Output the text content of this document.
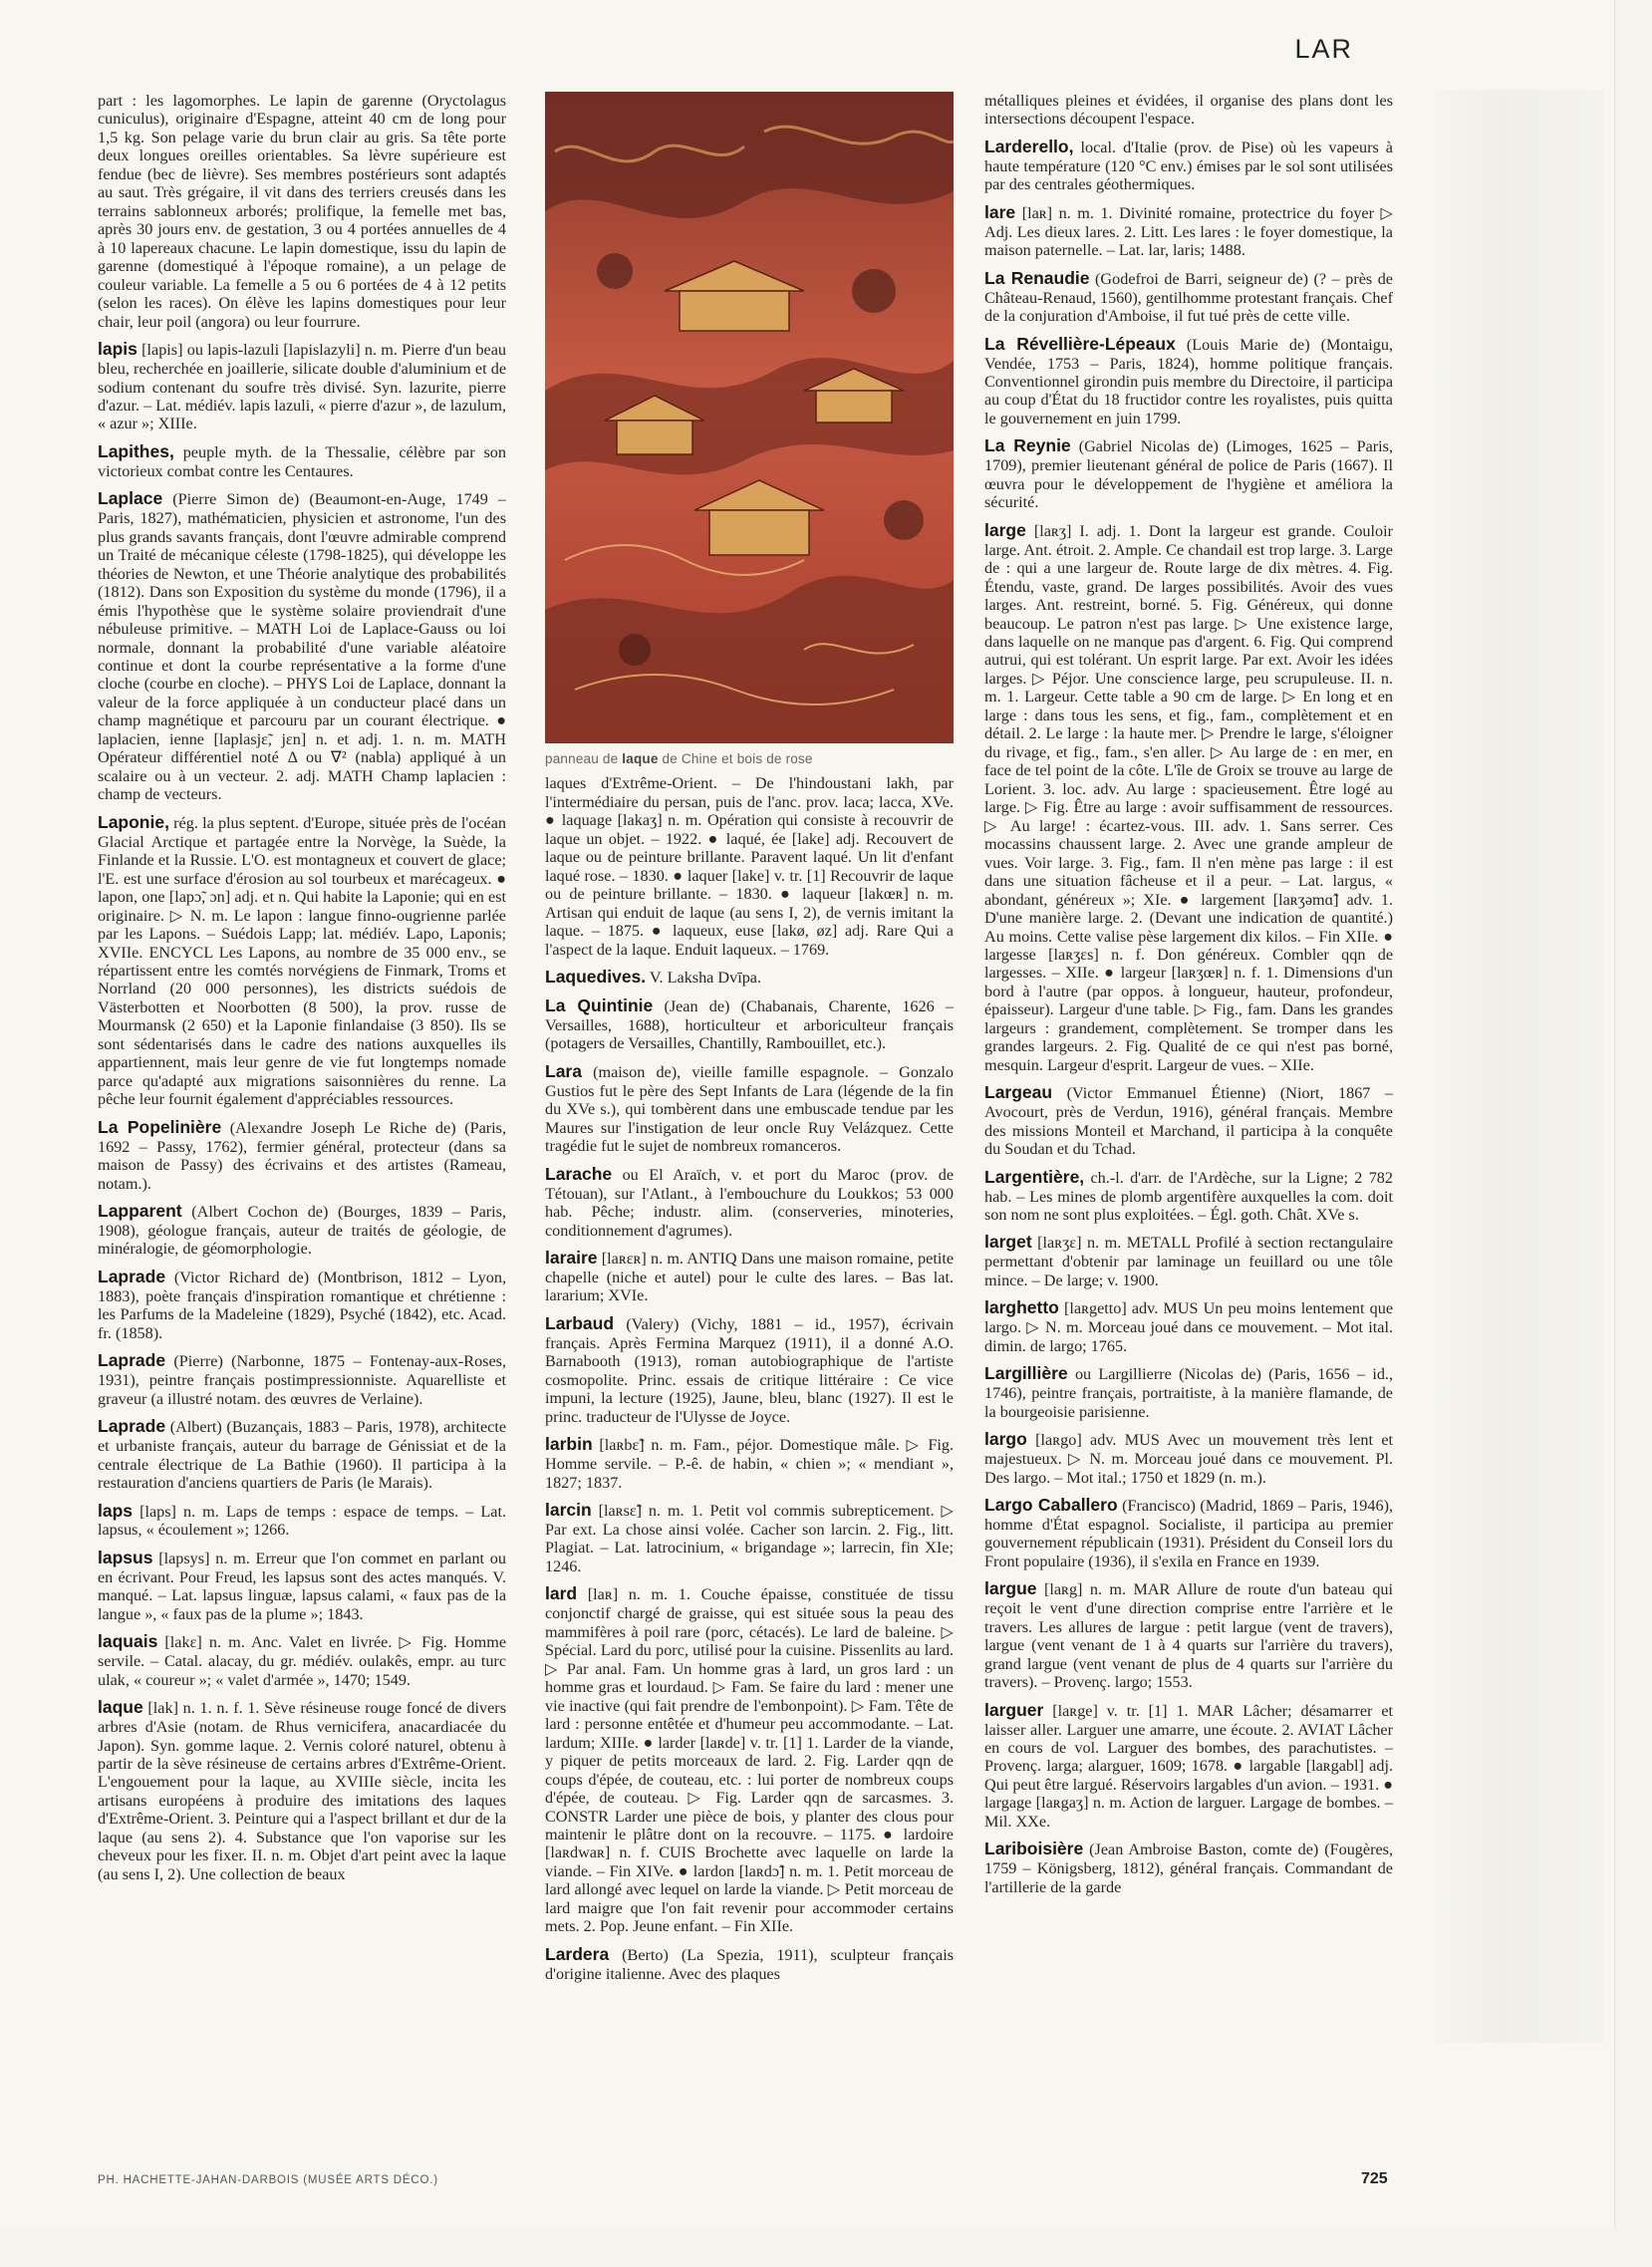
LAR

part : les lagomorphes. Le lapin de garenne (Oryctolagus cuniculus), originaire d'Espagne, atteint 40 cm de long pour 1,5 kg. Son pelage varie du brun clair au gris. Sa tête porte deux longues oreilles orientables. Sa lèvre supérieure est fendue (bec de lièvre). Ses membres postérieurs sont adaptés au saut. Très grégaire, il vit dans des terriers creusés dans les terrains sablonneux arborés; prolifique, la femelle met bas, après 30 jours env. de gestation, 3 ou 4 portées annuelles de 4 à 10 lapereaux chacune. Le lapin domestique, issu du lapin de garenne (domestiqué à l'époque romaine), a un pelage de couleur variable. La femelle a 5 ou 6 portées de 4 à 12 petits (selon les races). On élève les lapins domestiques pour leur chair, leur poil (angora) ou leur fourrure.

lapis [lapis] ou lapis-lazuli [lapislazyli] n. m. Pierre d'un beau bleu, recherchée en joaillerie, silicate double d'aluminium et de sodium contenant du soufre très divisé. Syn. lazurite, pierre d'azur. – Lat. médiév. lapis lazuli, « pierre d'azur », de lazulum, « azur »; XIIIe.

Lapithes, peuple myth. de la Thessalie, célèbre par son victorieux combat contre les Centaures.

Laplace (Pierre Simon de) (Beaumont-en-Auge, 1749 – Paris, 1827), mathématicien, physicien et astronome, l'un des plus grands savants français, dont l'œuvre admirable comprend un Traité de mécanique céleste (1798-1825), qui développe les théories de Newton, et une Théorie analytique des probabilités (1812). Dans son Exposition du système du monde (1796), il a émis l'hypothèse que le système solaire proviendrait d'une nébuleuse primitive. – MATH Loi de Laplace-Gauss ou loi normale, donnant la probabilité d'une variable aléatoire continue et dont la courbe représentative a la forme d'une cloche (courbe en cloche). – PHYS Loi de Laplace, donnant la valeur de la force appliquée à un conducteur placé dans un champ magnétique et parcouru par un courant électrique. ● laplacien, ienne [laplasjɛ̃, jɛn] n. et adj. 1. n. m. MATH Opérateur différentiel noté Δ ou ∇² (nabla) appliqué à un scalaire ou à un vecteur. 2. adj. MATH Champ laplacien : champ de vecteurs.

Laponie, rég. la plus septent. d'Europe, située près de l'océan Glacial Arctique et partagée entre la Norvège, la Suède, la Finlande et la Russie. L'O. est montagneux et couvert de glace; l'E. est une surface d'érosion au sol tourbeux et marécageux. ● lapon, one [lapɔ̃, ɔn] adj. et n. Qui habite la Laponie; qui en est originaire. ▷ N. m. Le lapon : langue finno-ougrienne parlée par les Lapons. – Suédois Lapp; lat. médiév. Lapo, Laponis; XVIIe. ENCYCL Les Lapons, au nombre de 35 000 env., se répartissent entre les comtés norvégiens de Finmark, Troms et Norrland (20 000 personnes), les districts suédois de Västerbotten et Noorbotten (8 500), la prov. russe de Mourmansk (2 650) et la Laponie finlandaise (3 850). Ils se sont sédentarisés dans le cadre des nations auxquelles ils appartiennent, mais leur genre de vie fut longtemps nomade parce qu'adapté aux migrations saisonnières du renne. La pêche leur fournit également d'appréciables ressources.

La Popelinière (Alexandre Joseph Le Riche de) (Paris, 1692 – Passy, 1762), fermier général, protecteur (dans sa maison de Passy) des écrivains et des artistes (Rameau, notam.).

Lapparent (Albert Cochon de) (Bourges, 1839 – Paris, 1908), géologue français, auteur de traités de géologie, de minéralogie, de géomorphologie.

Laprade (Victor Richard de) (Montbrison, 1812 – Lyon, 1883), poète français d'inspiration romantique et chrétienne : les Parfums de la Madeleine (1829), Psyché (1842), etc. Acad. fr. (1858).

Laprade (Pierre) (Narbonne, 1875 – Fontenay-aux-Roses, 1931), peintre français postimpressionniste. Aquarelliste et graveur (a illustré notam. des œuvres de Verlaine).

Laprade (Albert) (Buzançais, 1883 – Paris, 1978), architecte et urbaniste français, auteur du barrage de Génissiat et de la centrale électrique de La Bathie (1960). Il participa à la restauration d'anciens quartiers de Paris (le Marais).

laps [laps] n. m. Laps de temps : espace de temps. – Lat. lapsus, « écoulement »; 1266.

lapsus [lapsys] n. m. Erreur que l'on commet en parlant ou en écrivant. Pour Freud, les lapsus sont des actes manqués. V. manqué. – Lat. lapsus linguæ, lapsus calami, « faux pas de la langue », « faux pas de la plume »; 1843.

laquais [lakɛ] n. m. Anc. Valet en livrée. ▷ Fig. Homme servile. – Catal. alacay, du gr. médiév. oulakês, empr. au turc ulak, « coureur »; « valet d'armée », 1470; 1549.

laque [lak] n. 1. n. f. 1. Sève résineuse rouge foncé de divers arbres d'Asie (notam. de Rhus vernicifera, anacardiacée du Japon). Syn. gomme laque. 2. Vernis coloré naturel, obtenu à partir de la sève résineuse de certains arbres d'Extrême-Orient. L'engouement pour la laque, au XVIIIe siècle, incita les artisans européens à produire des imitations des laques d'Extrême-Orient. 3. Peinture qui a l'aspect brillant et dur de la laque (au sens 2). 4. Substance que l'on vaporise sur les cheveux pour les fixer. II. n. m. Objet d'art peint avec la laque (au sens I, 2). Une collection de beaux

panneau de laque de Chine et bois de rose

laques d'Extrême-Orient. – De l'hindoustani lakh, par l'intermédiaire du persan, puis de l'anc. prov. laca; lacca, XVe. ● laquage [lakaʒ] n. m. Opération qui consiste à recouvrir de laque un objet. – 1922. ● laqué, ée [lake] adj. Recouvert de laque ou de peinture brillante. Paravent laqué. Un lit d'enfant laqué rose. – 1830. ● laquer [lake] v. tr. [1] Recouvrir de laque ou de peinture brillante. – 1830. ● laqueur [lakœʀ] n. m. Artisan qui enduit de laque (au sens I, 2), de vernis imitant la laque. – 1875. ● laqueux, euse [lakø, øz] adj. Rare Qui a l'aspect de la laque. Enduit laqueux. – 1769.

Laquedives. V. Laksha Dvīpa.

La Quintinie (Jean de) (Chabanais, Charente, 1626 – Versailles, 1688), horticulteur et arboriculteur français (potagers de Versailles, Chantilly, Rambouillet, etc.).

Lara (maison de), vieille famille espagnole. – Gonzalo Gustios fut le père des Sept Infants de Lara (légende de la fin du XVe s.), qui tombèrent dans une embuscade tendue par les Maures sur l'instigation de leur oncle Ruy Velázquez. Cette tragédie fut le sujet de nombreux romanceros.

Larache ou El Araïch, v. et port du Maroc (prov. de Tétouan), sur l'Atlant., à l'embouchure du Loukkos; 53 000 hab. Pêche; industr. alim. (conserveries, minoteries, conditionnement d'agrumes).

laraire [laʀɛʀ] n. m. ANTIQ Dans une maison romaine, petite chapelle (niche et autel) pour le culte des lares. – Bas lat. lararium; XVIe.

Larbaud (Valery) (Vichy, 1881 – id., 1957), écrivain français. Après Fermina Marquez (1911), il a donné A.O. Barnabooth (1913), roman autobiographique de l'artiste cosmopolite. Princ. essais de critique littéraire : Ce vice impuni, la lecture (1925), Jaune, bleu, blanc (1927). Il est le princ. traducteur de l'Ulysse de Joyce.

larbin [laʀbɛ̃] n. m. Fam., péjor. Domestique mâle. ▷ Fig. Homme servile. – P.-ê. de habin, « chien »; « mendiant », 1827; 1837.

larcin [laʀsɛ̃] n. m. 1. Petit vol commis subrepticement. ▷ Par ext. La chose ainsi volée. Cacher son larcin. 2. Fig., litt. Plagiat. – Lat. latrocinium, « brigandage »; larrecin, fin XIe; 1246.

lard [laʀ] n. m. 1. Couche épaisse, constituée de tissu conjonctif chargé de graisse, qui est située sous la peau des mammifères à poil rare (porc, cétacés). Le lard de baleine. ▷ Spécial. Lard du porc, utilisé pour la cuisine. Pissenlits au lard. ▷ Par anal. Fam. Un homme gras à lard, un gros lard : un homme gras et lourdaud. ▷ Fam. Se faire du lard : mener une vie inactive (qui fait prendre de l'embonpoint). ▷ Fam. Tête de lard : personne entêtée et d'humeur peu accommodante. – Lat. lardum; XIIIe. ● larder [laʀde] v. tr. [1] 1. Larder de la viande, y piquer de petits morceaux de lard. 2. Fig. Larder qqn de coups d'épée, de couteau, etc. : lui porter de nombreux coups d'épée, de couteau. ▷ Fig. Larder qqn de sarcasmes. 3. CONSTR Larder une pièce de bois, y planter des clous pour maintenir le plâtre dont on la recouvre. – 1175. ● lardoire [laʀdwaʀ] n. f. CUIS Brochette avec laquelle on larde la viande. – Fin XIVe. ● lardon [laʀdɔ̃] n. m. 1. Petit morceau de lard allongé avec lequel on larde la viande. ▷ Petit morceau de lard maigre que l'on fait revenir pour accommoder certains mets. 2. Pop. Jeune enfant. – Fin XIIe.

Lardera (Berto) (La Spezia, 1911), sculpteur français d'origine italienne. Avec des plaques

métalliques pleines et évidées, il organise des plans dont les intersections découpent l'espace.

Larderello, local. d'Italie (prov. de Pise) où les vapeurs à haute température (120 °C env.) émises par le sol sont utilisées par des centrales géothermiques.

lare [laʀ] n. m. 1. Divinité romaine, protectrice du foyer ▷ Adj. Les dieux lares. 2. Litt. Les lares : le foyer domestique, la maison paternelle. – Lat. lar, laris; 1488.

La Renaudie (Godefroi de Barri, seigneur de) (? – près de Château-Renaud, 1560), gentilhomme protestant français. Chef de la conjuration d'Amboise, il fut tué près de cette ville.

La Révellière-Lépeaux (Louis Marie de) (Montaigu, Vendée, 1753 – Paris, 1824), homme politique français. Conventionnel girondin puis membre du Directoire, il participa au coup d'État du 18 fructidor contre les royalistes, puis quitta le gouvernement en juin 1799.

La Reynie (Gabriel Nicolas de) (Limoges, 1625 – Paris, 1709), premier lieutenant général de police de Paris (1667). Il œuvra pour le développement de l'hygiène et améliora la sécurité.

large [laʀʒ] I. adj. 1. Dont la largeur est grande. Couloir large. Ant. étroit. 2. Ample. Ce chandail est trop large. 3. Large de : qui a une largeur de. Route large de dix mètres. 4. Fig. Étendu, vaste, grand. De larges possibilités. Avoir des vues larges. Ant. restreint, borné. 5. Fig. Généreux, qui donne beaucoup. Le patron n'est pas large. ▷ Une existence large, dans laquelle on ne manque pas d'argent. 6. Fig. Qui comprend autrui, qui est tolérant. Un esprit large. Par ext. Avoir les idées larges. ▷ Péjor. Une conscience large, peu scrupuleuse. II. n. m. 1. Largeur. Cette table a 90 cm de large. ▷ En long et en large : dans tous les sens, et fig., fam., complètement et en détail. 2. Le large : la haute mer. ▷ Prendre le large, s'éloigner du rivage, et fig., fam., s'en aller. ▷ Au large de : en mer, en face de tel point de la côte. L'île de Groix se trouve au large de Lorient. 3. loc. adv. Au large : spacieusement. Être logé au large. ▷ Fig. Être au large : avoir suffisamment de ressources. ▷ Au large! : écartez-vous. III. adv. 1. Sans serrer. Ces mocassins chaussent large. 2. Avec une grande ampleur de vues. Voir large. 3. Fig., fam. Il n'en mène pas large : il est dans une situation fâcheuse et il a peur. – Lat. largus, « abondant, généreux »; XIe. ● largement [laʀʒəmɑ̃] adv. 1. D'une manière large. 2. (Devant une indication de quantité.) Au moins. Cette valise pèse largement dix kilos. – Fin XIIe. ● largesse [laʀʒɛs] n. f. Don généreux. Combler qqn de largesses. – XIIe. ● largeur [laʀʒœʀ] n. f. 1. Dimensions d'un bord à l'autre (par oppos. à longueur, hauteur, profondeur, épaisseur). Largeur d'une table. ▷ Fig., fam. Dans les grandes largeurs : grandement, complètement. Se tromper dans les grandes largeurs. 2. Fig. Qualité de ce qui n'est pas borné, mesquin. Largeur d'esprit. Largeur de vues. – XIIe.

Largeau (Victor Emmanuel Étienne) (Niort, 1867 – Avocourt, près de Verdun, 1916), général français. Membre des missions Monteil et Marchand, il participa à la conquête du Soudan et du Tchad.

Largentière, ch.-l. d'arr. de l'Ardèche, sur la Ligne; 2 782 hab. – Les mines de plomb argentifère auxquelles la com. doit son nom ne sont plus exploitées. – Égl. goth. Chât. XVe s.

larget [laʀʒɛ] n. m. METALL Profilé à section rectangulaire permettant d'obtenir par laminage un feuillard ou une tôle mince. – De large; v. 1900.

larghetto [laʀgetto] adv. MUS Un peu moins lentement que largo. ▷ N. m. Morceau joué dans ce mouvement. – Mot ital. dimin. de largo; 1765.

Largillière ou Largillierre (Nicolas de) (Paris, 1656 – id., 1746), peintre français, portraitiste, à la manière flamande, de la bourgeoisie parisienne.

largo [laʀgo] adv. MUS Avec un mouvement très lent et majestueux. ▷ N. m. Morceau joué dans ce mouvement. Pl. Des largo. – Mot ital.; 1750 et 1829 (n. m.).

Largo Caballero (Francisco) (Madrid, 1869 – Paris, 1946), homme d'État espagnol. Socialiste, il participa au premier gouvernement républicain (1931). Président du Conseil lors du Front populaire (1936), il s'exila en France en 1939.

largue [laʀg] n. m. MAR Allure de route d'un bateau qui reçoit le vent d'une direction comprise entre l'arrière et le travers. Les allures de largue : petit largue (vent de travers), largue (vent venant de 1 à 4 quarts sur l'arrière du travers), grand largue (vent venant de plus de 4 quarts sur l'arrière du travers). – Provenç. largo; 1553.

larguer [laʀge] v. tr. [1] 1. MAR Lâcher; désamarrer et laisser aller. Larguer une amarre, une écoute. 2. AVIAT Lâcher en cours de vol. Larguer des bombes, des parachutistes. – Provenç. larga; alarguer, 1609; 1678. ● largable [laʀgabl] adj. Qui peut être largué. Réservoirs largables d'un avion. – 1931. ● largage [laʀgaʒ] n. m. Action de larguer. Largage de bombes. – Mil. XXe.

Lariboisière (Jean Ambroise Baston, comte de) (Fougères, 1759 – Königsberg, 1812), général français. Commandant de l'artillerie de la garde

PH. HACHETTE-JAHAN-DARBOIS (MUSÉE ARTS DÉCO.)	725
